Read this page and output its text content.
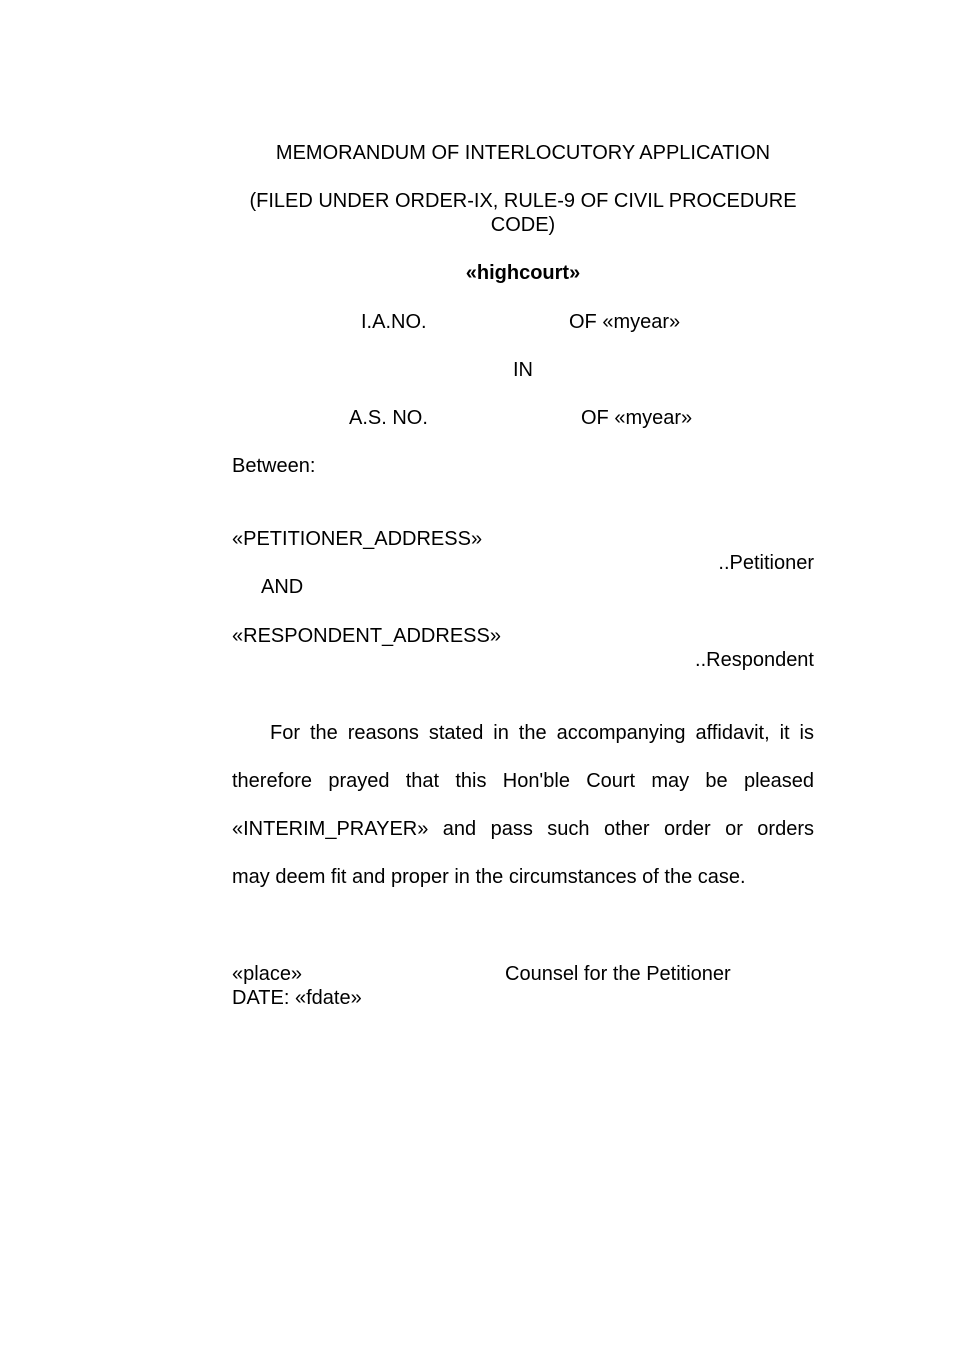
MEMORANDUM OF INTERLOCUTORY APPLICATION
(FILED UNDER ORDER-IX, RULE-9 OF CIVIL PROCEDURE
CODE)
«highcourt»
I.A.NO.	OF «myear»
IN
A.S. NO.	OF «myear»
Between:
«PETITIONER_ADDRESS»
..Petitioner
AND
«RESPONDENT_ADDRESS»
..Respondent
For the reasons stated in the accompanying affidavit, it is
therefore prayed that this Hon'ble Court may be pleased
«INTERIM_PRAYER» and pass such other order or orders
may deem fit and proper in the circumstances of the case.
«place»	Counsel for the Petitioner
DATE: «fdate»
